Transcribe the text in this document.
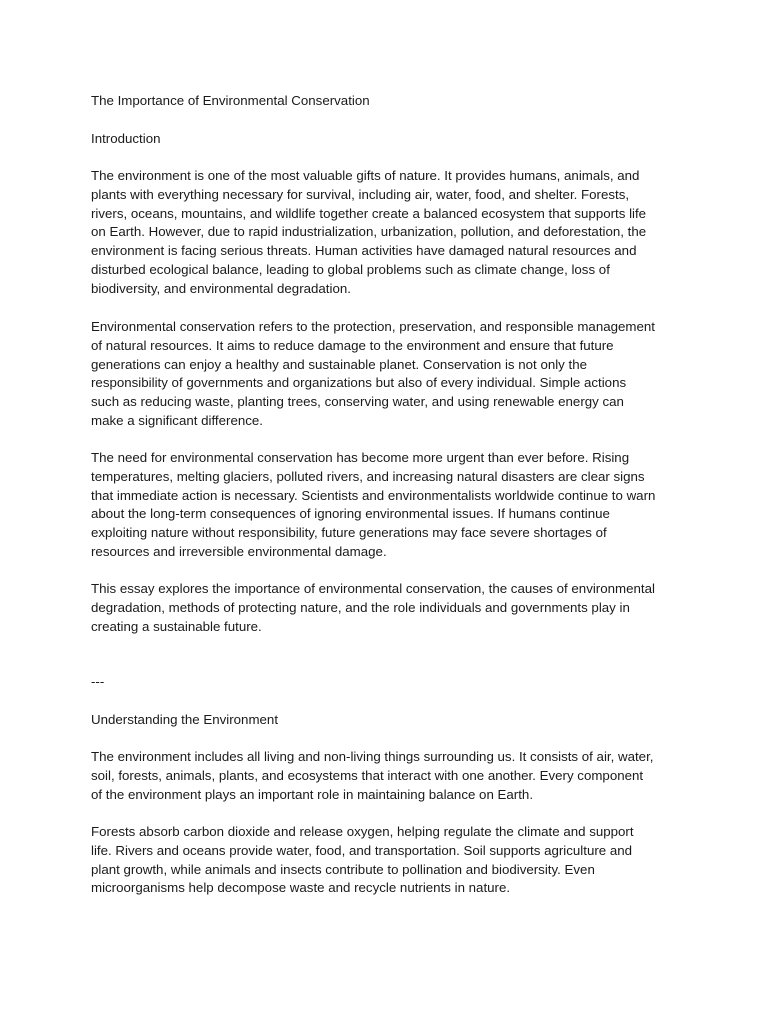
The Importance of Environmental Conservation
Introduction
The environment is one of the most valuable gifts of nature. It provides humans, animals, and
plants with everything necessary for survival, including air, water, food, and shelter. Forests,
rivers, oceans, mountains, and wildlife together create a balanced ecosystem that supports life
on Earth. However, due to rapid industrialization, urbanization, pollution, and deforestation, the
environment is facing serious threats. Human activities have damaged natural resources and
disturbed ecological balance, leading to global problems such as climate change, loss of
biodiversity, and environmental degradation.
Environmental conservation refers to the protection, preservation, and responsible management
of natural resources. It aims to reduce damage to the environment and ensure that future
generations can enjoy a healthy and sustainable planet. Conservation is not only the
responsibility of governments and organizations but also of every individual. Simple actions
such as reducing waste, planting trees, conserving water, and using renewable energy can
make a significant difference.
The need for environmental conservation has become more urgent than ever before. Rising
temperatures, melting glaciers, polluted rivers, and increasing natural disasters are clear signs
that immediate action is necessary. Scientists and environmentalists worldwide continue to warn
about the long-term consequences of ignoring environmental issues. If humans continue
exploiting nature without responsibility, future generations may face severe shortages of
resources and irreversible environmental damage.
This essay explores the importance of environmental conservation, the causes of environmental
degradation, methods of protecting nature, and the role individuals and governments play in
creating a sustainable future.
---
Understanding the Environment
The environment includes all living and non-living things surrounding us. It consists of air, water,
soil, forests, animals, plants, and ecosystems that interact with one another. Every component
of the environment plays an important role in maintaining balance on Earth.
Forests absorb carbon dioxide and release oxygen, helping regulate the climate and support
life. Rivers and oceans provide water, food, and transportation. Soil supports agriculture and
plant growth, while animals and insects contribute to pollination and biodiversity. Even
microorganisms help decompose waste and recycle nutrients in nature.
